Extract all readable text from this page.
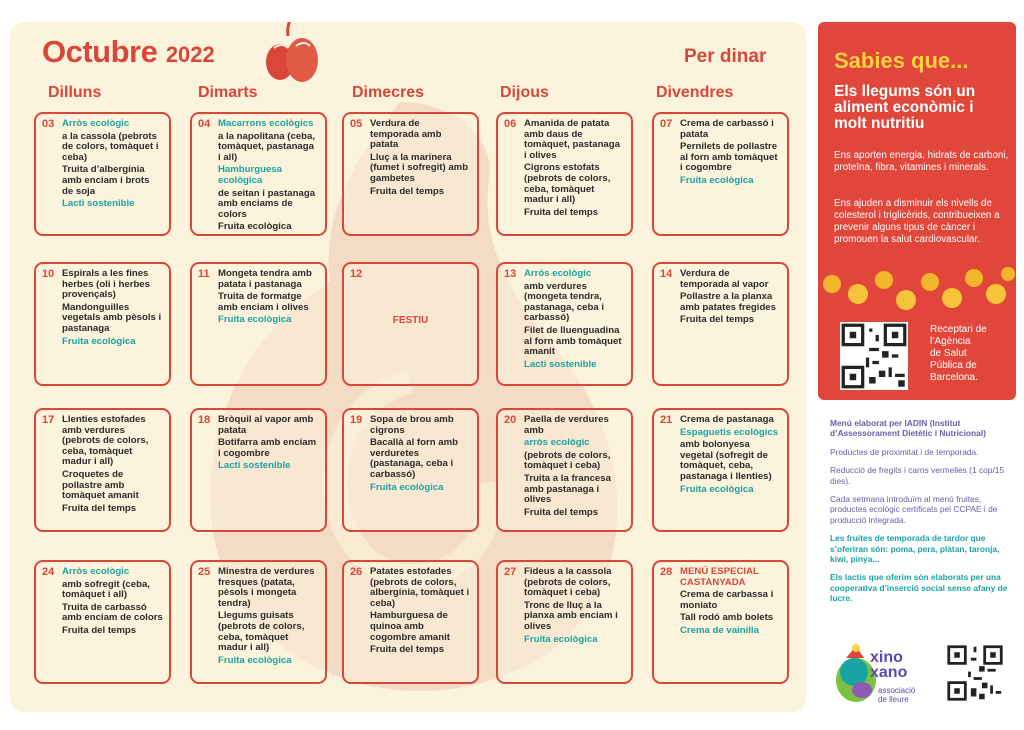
Octubre 2022	Per dinar
Dilluns	Dimarts	Dimecres	Dijous	Divendres
03 Arròs ecològic
a la cassola (pebrots de colors, tomàquet i ceba)
Truita d’albergínia amb enciam i brots de soja
Lacti sostenible
04 Macarrons ecològics
a la napolitana (ceba, tomàquet, pastanaga i all)
Hamburguesa ecològica
de seitan i pastanaga amb enciams de colors
Fruita ecològica
05 Verdura de temporada amb patata
Lluç a la marinera (fumet i sofregit) amb gambetes
Fruita del temps
06 Amanida de patata amb daus de tomàquet, pastanaga i olives
Cigrons estofats (pebrots de colors, ceba, tomàquet madur i all)
Fruita del temps
07 Crema de carbassó i patata
Pernilets de pollastre al forn amb tomàquet i cogombre
Fruita ecològica
10 Espirals a les fines herbes (oli i herbes provençals)
Mandonguilles vegetals amb pèsols i pastanaga
Fruita ecològica
11 Mongeta tendra amb patata i pastanaga
Truita de formatge amb enciam i olives
Fruita ecològica
12
FESTIU
13 Arròs ecològic
amb verdures (mongeta tendra, pastanaga, ceba i carbassó)
Filet de lluenguadina al forn amb tomàquet amanit
Lacti sostenible
14 Verdura de temporada al vapor
Pollastre a la planxa amb patates fregides
Fruita del temps
17 Llenties estofades amb verdures (pebrots de colors, ceba, tomàquet madur i all)
Croquetes de pollastre amb tomàquet amanit
Fruita del temps
18 Bròquil al vapor amb patata
Botifarra amb enciam i cogombre
Lacti sostenible
19 Sopa de brou amb cigrons
Bacallà al forn amb verduretes (pastanaga, ceba i carbassó)
Fruita ecològica
20 Paella de verdures amb
arròs ecològic
(pebrots de colors, tomàquet i ceba)
Truita a la francesa amb pastanaga i olives
Fruita del temps
21 Crema de pastanaga
Espaguetis ecològics
amb bolonyesa vegetal (sofregit de tomàquet, ceba, pastanaga i llenties)
Fruita ecològica
24 Arròs ecològic
amb sofregit (ceba, tomàquet i all)
Truita de carbassó amb enciam de colors
Fruita del temps
25 Minestra de verdures fresques (patata, pèsols i mongeta tendra)
Llegums guisats (pebrots de colors, ceba, tomàquet madur i all)
Fruita ecològica
26 Patates estofades (pebrots de colors, albergínia, tomàquet i ceba)
Hamburguesa de quinoa amb cogombre amanit
Fruita del temps
27 Fideus a la cassola (pebrots de colors, tomàquet i ceba)
Tronc de lluç a la planxa amb enciam i olives
Fruita ecològica
28 MENÚ ESPECIAL CASTANYADA
Crema de carbassa i moniato
Tall rodó amb bolets
Crema de vainilla
Sabies que...
Els llegums són un aliment econòmic i molt nutritiu
Ens aporten energia, hidrats de carboni, proteïna, fibra, vitamines i minerals.
Ens ajuden a disminuir els nivells de colesterol i triglicèrids, contribueixen a prevenir alguns tipus de càncer i promouen la salut cardiovascular.
Receptari de
l’Agència
de Salut
Pública de
Barcelona.
Menú elaborat per IADIN (Institut d’Assessorament Dietètic i Nutricional)
Productes de proximitat i de temporada.
Reducció de fregits i carns vermelles (1 cop/15 dies).
Cada setmana introduïm al menú fruites, productes ecològic certificats pel CCPAE i de producció integrada.
Les fruites de temporada de tardor que s’oferiran són: poma, pera, plàtan, taronja, kiwi, pinya...
Els lactis que oferim són elaborats per una cooperativa d’inserció social sense afany de lucre.
xino
xano
associació
de lleure
